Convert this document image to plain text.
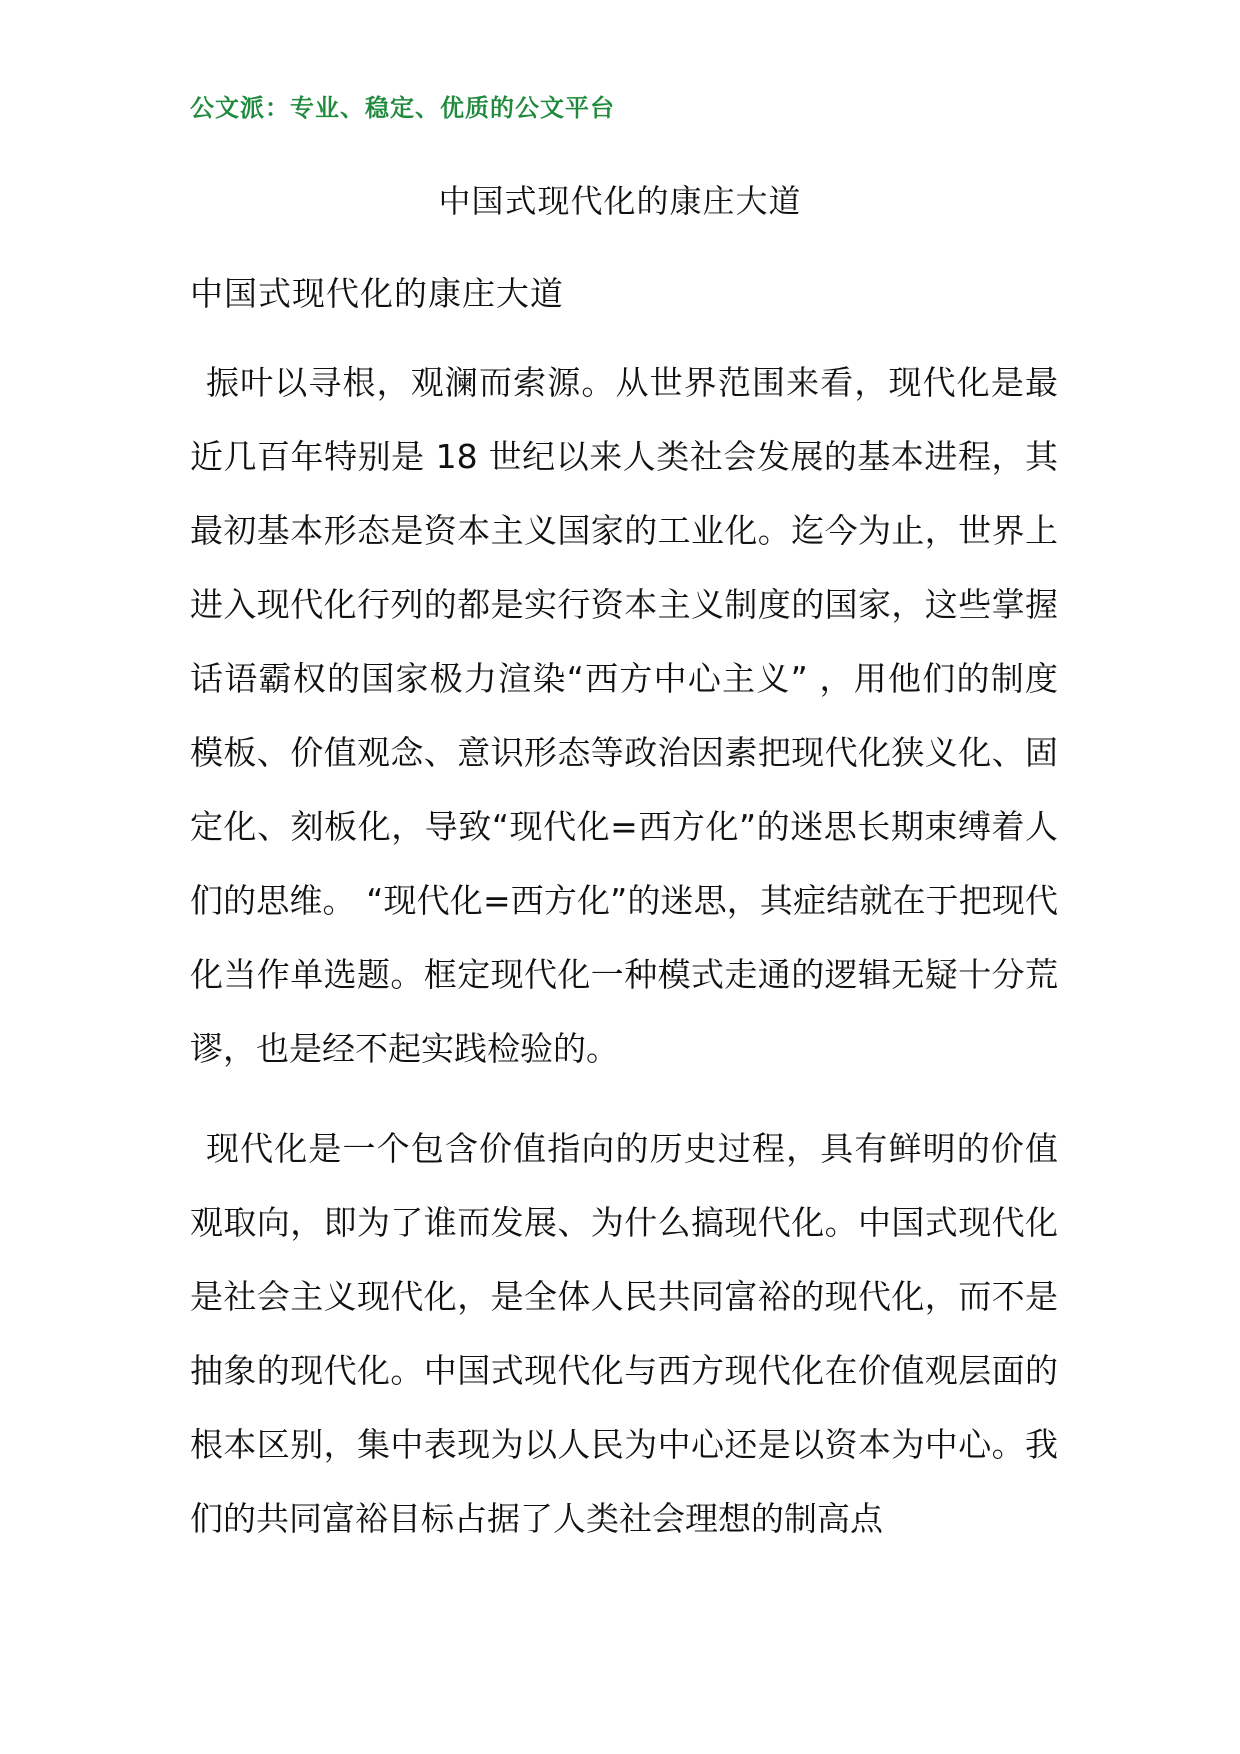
公文派：专业、稳定、优质的公文平台
中国式现代化的康庄大道
中国式现代化的康庄大道

振叶以寻根，观澜而索源。从世界范围来看，现代化是最近几百年特别是 18 世纪以来人类社会发展的基本进程，其最初基本形态是资本主义国家的工业化。迄今为止，世界上进入现代化行列的都是实行资本主义制度的国家，这些掌握话语霸权的国家极力渲染“西方中心主义” ，用他们的制度模板、价值观念、意识形态等政治因素把现代化狭义化、固定化、刻板化，导致“现代化=西方化”的迷思长期束缚着人们的思维。 “现代化=西方化”的迷思，其症结就在于把现代化当作单选题。框定现代化一种模式走通的逻辑无疑十分荒谬，也是经不起实践检验的。

现代化是一个包含价值指向的历史过程，具有鲜明的价值观取向，即为了谁而发展、为什么搞现代化。中国式现代化是社会主义现代化，是全体人民共同富裕的现代化，而不是抽象的现代化。中国式现代化与西方现代化在价值观层面的根本区别，集中表现为以人民为中心还是以资本为中心。我们的共同富裕目标占据了人类社会理想的制高点
